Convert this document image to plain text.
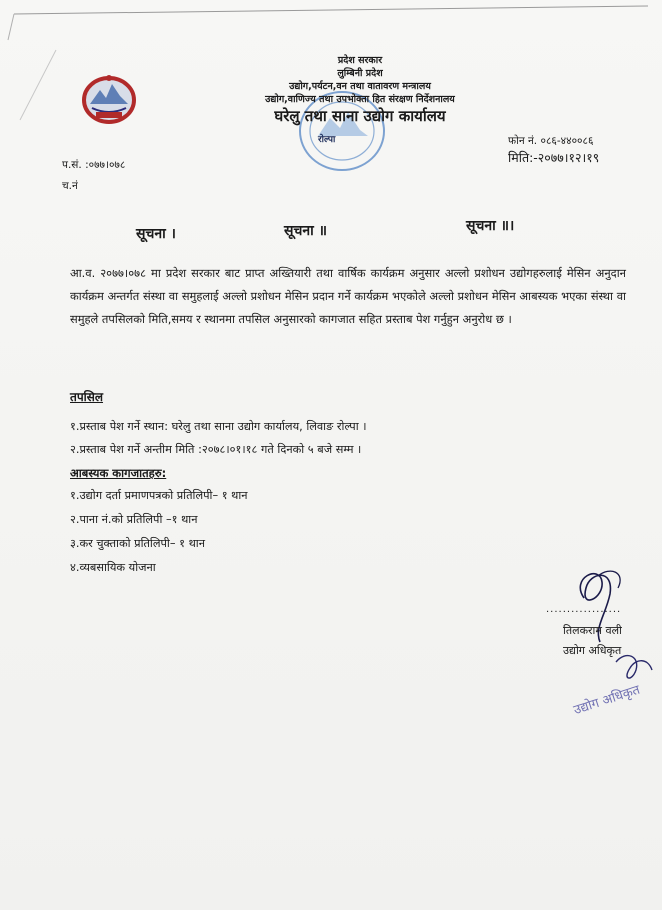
प्रदेश सरकार
लुम्बिनी प्रदेश
उद्योग,पर्यटन,वन तथा वातावरण मन्त्रालय
उद्योग,वाणिज्य तथा उपभोक्ता हित संरक्षण निर्देशनालय
घरेलु तथा साना उद्योग कार्यालय
रोल्पा	फोन नं. ०८६-४४००८६
मिति:-२०७७।१२।१९
प.सं. :०७७।०७८
च.नं
सूचना ।	सूचना ॥	सूचना ॥।
आ.व. २०७७।०७८ मा प्रदेश सरकार बाट प्राप्त अख्तियारी तथा वार्षिक कार्यक्रम अनुसार अल्लो प्रशोधन उद्योगहरुलाई मेसिन अनुदान कार्यक्रम अन्तर्गत संस्था वा समुहलाई अल्लो प्रशोधन मेसिन प्रदान गर्ने कार्यक्रम भएकोले अल्लो प्रशोधन मेसिन आबस्यक भएका संस्था वा समुहले तपसिलको मिति,समय र स्थानमा तपसिल अनुसारको कागजात सहित प्रस्ताब पेश गर्नुहुन अनुरोध छ ।
तपसिल
१.प्रस्ताब पेश गर्ने स्थान: घरेलु तथा साना उद्योग कार्यालय, लिवाङ रोल्पा ।
२.प्रस्ताब पेश गर्ने अन्तीम मिति :२०७८।०१।१८ गते दिनको ५ बजे सम्म ।
आबस्यक कागजातहरु:
१.उद्योग दर्ता प्रमाणपत्रको प्रतिलिपी– १ थान
२.पाना नं.को प्रतिलिपी –१ थान
३.कर चुक्ताको प्रतिलिपी– १ थान
४.व्यबसायिक योजना
..................
तिलकराम वली
उद्योग अधिकृत
उद्योग अधिकृत
